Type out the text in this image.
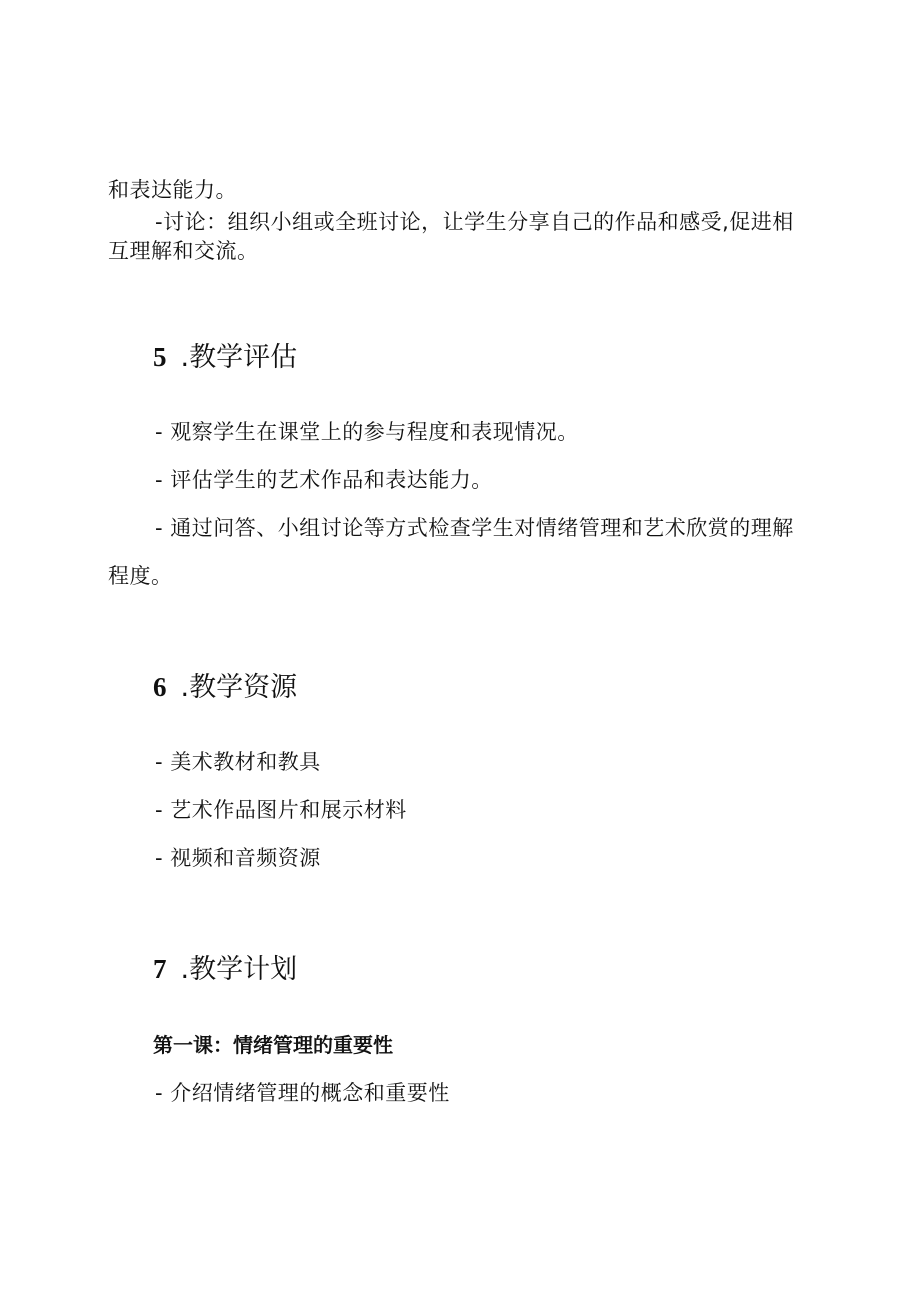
和表达能力。
-讨论：组织小组或全班讨论，让学生分享自己的作品和感受,促进相
互理解和交流。
5 .教学评估
- 观察学生在课堂上的参与程度和表现情况。
- 评估学生的艺术作品和表达能力。
- 通过问答、小组讨论等方式检查学生对情绪管理和艺术欣赏的理解
程度。
6 .教学资源
- 美术教材和教具
- 艺术作品图片和展示材料
- 视频和音频资源
7 .教学计划
第一课：情绪管理的重要性
- 介绍情绪管理的概念和重要性
